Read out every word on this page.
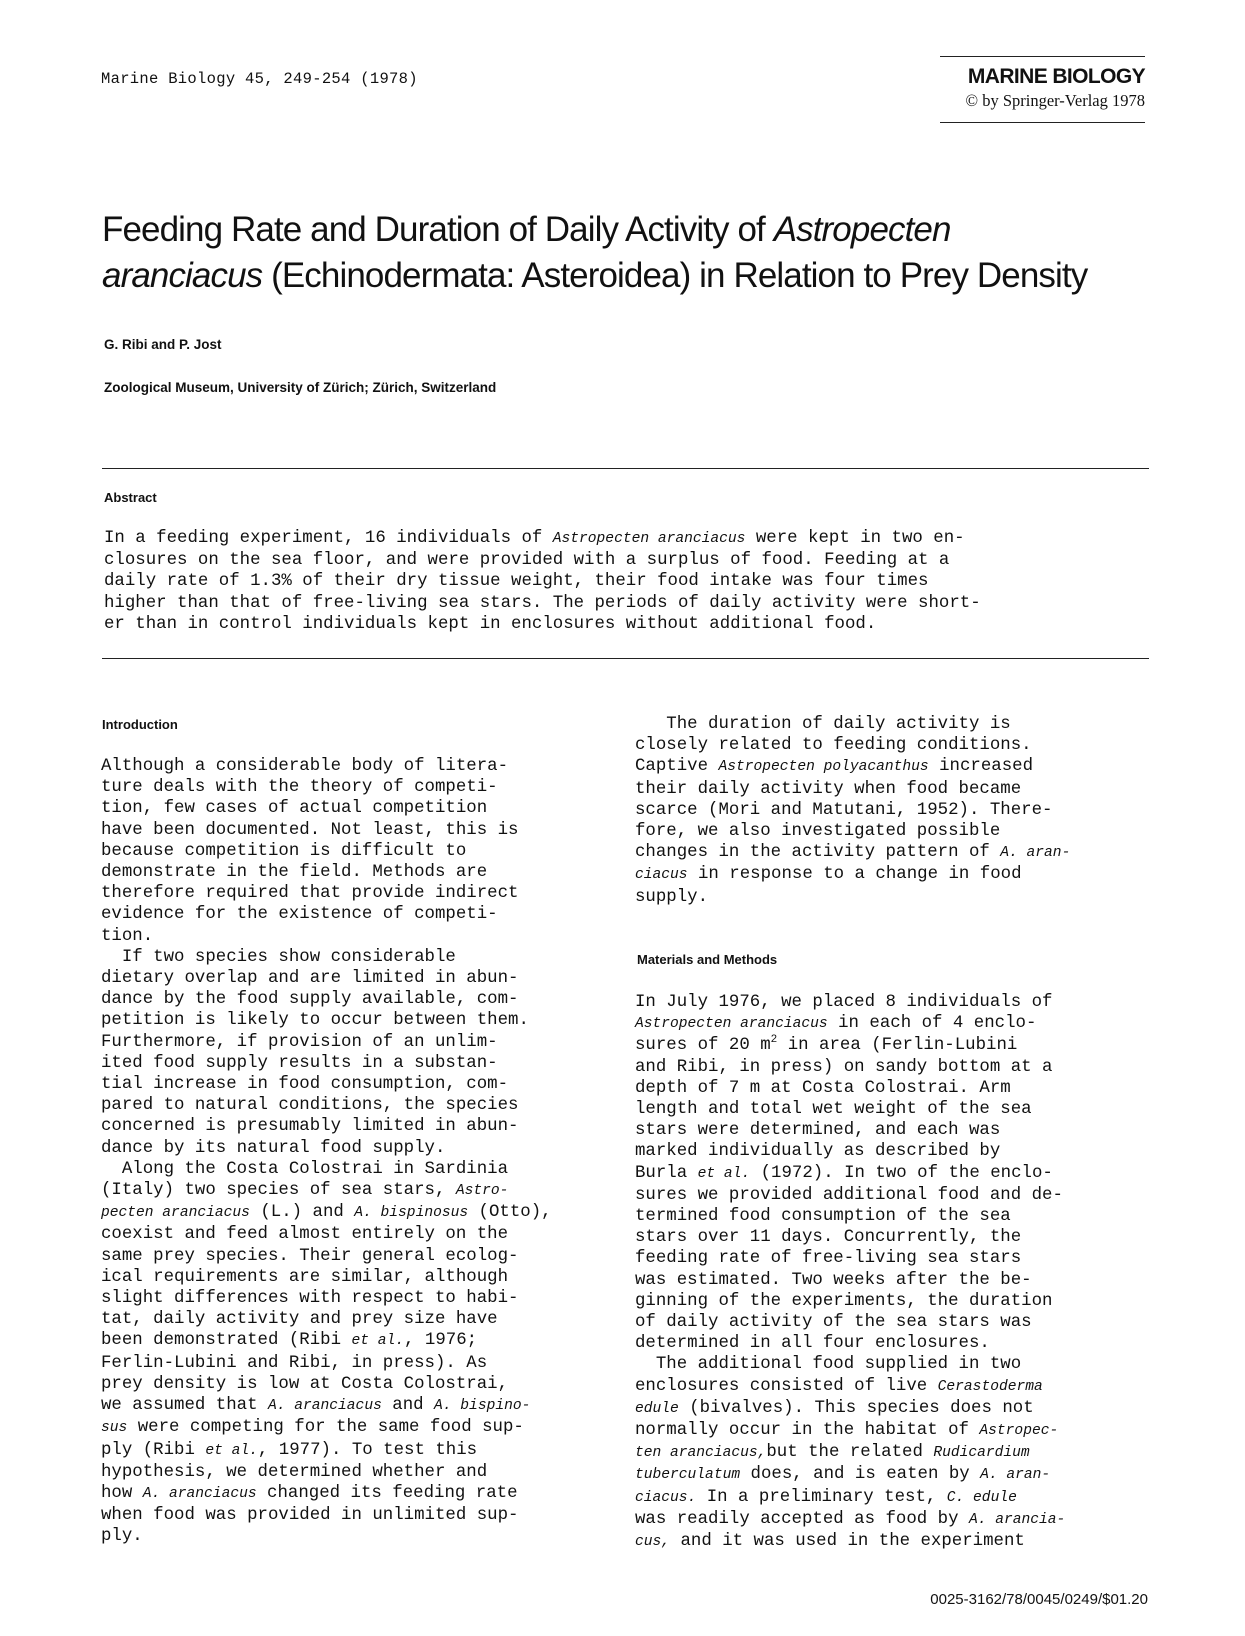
Marine Biology 45, 249-254 (1978)	MARINE BIOLOGY
© by Springer-Verlag 1978
Feeding Rate and Duration of Daily Activity of Astropecten
aranciacus (Echinodermata: Asteroidea) in Relation to Prey Density
G. Ribi and P. Jost
Zoological Museum, University of Zürich; Zürich, Switzerland
Abstract

In a feeding experiment, 16 individuals of Astropecten aranciacus were kept in two en-
closures on the sea floor, and were provided with a surplus of food. Feeding at a
daily rate of 1.3% of their dry tissue weight, their food intake was four times
higher than that of free-living sea stars. The periods of daily activity were short-
er than in control individuals kept in enclosures without additional food.

Introduction

Although a considerable body of litera-
ture deals with the theory of competi-
tion, few cases of actual competition
have been documented. Not least, this is
because competition is difficult to
demonstrate in the field. Methods are
therefore required that provide indirect
evidence for the existence of competi-
tion.
If two species show considerable
dietary overlap and are limited in abun-
dance by the food supply available, com-
petition is likely to occur between them.
Furthermore, if provision of an unlim-
ited food supply results in a substan-
tial increase in food consumption, com-
pared to natural conditions, the species
concerned is presumably limited in abun-
dance by its natural food supply.
Along the Costa Colostrai in Sardinia
(Italy) two species of sea stars, Astro-
pecten aranciacus (L.) and A. bispinosus (Otto),
coexist and feed almost entirely on the
same prey species. Their general ecolog-
ical requirements are similar, although
slight differences with respect to habi-
tat, daily activity and prey size have
been demonstrated (Ribi et al., 1976;
Ferlin-Lubini and Ribi, in press). As
prey density is low at Costa Colostrai,
we assumed that A. aranciacus and A. bispino-
sus were competing for the same food sup-
ply (Ribi et al., 1977). To test this
hypothesis, we determined whether and
how A. aranciacus changed its feeding rate
when food was provided in unlimited sup-
ply.

The duration of daily activity is
closely related to feeding conditions.
Captive Astropecten polyacanthus increased
their daily activity when food became
scarce (Mori and Matutani, 1952). There-
fore, we also investigated possible
changes in the activity pattern of A. aran-
ciacus in response to a change in food
supply.

Materials and Methods

In July 1976, we placed 8 individuals of
Astropecten aranciacus in each of 4 enclo-
sures of 20 $m^2$ in area (Ferlin-Lubini
and Ribi, in press) on sandy bottom at a
depth of 7 m at Costa Colostrai. Arm
length and total wet weight of the sea
stars were determined, and each was
marked individually as described by
Burla et al. (1972). In two of the enclo-
sures we provided additional food and de-
termined food consumption of the sea
stars over 11 days. Concurrently, the
feeding rate of free-living sea stars
was estimated. Two weeks after the be-
ginning of the experiments, the duration
of daily activity of the sea stars was
determined in all four enclosures.
The additional food supplied in two
enclosures consisted of live Cerastoderma
edule (bivalves). This species does not
normally occur in the habitat of Astropec-
ten aranciacus,but the related Rudicardium
tuberculatum does, and is eaten by A. aran-
ciacus. In a preliminary test, C. edule
was readily accepted as food by A. arancia-
cus, and it was used in the experiment

0025-3162/78/0045/0249/$01.20
